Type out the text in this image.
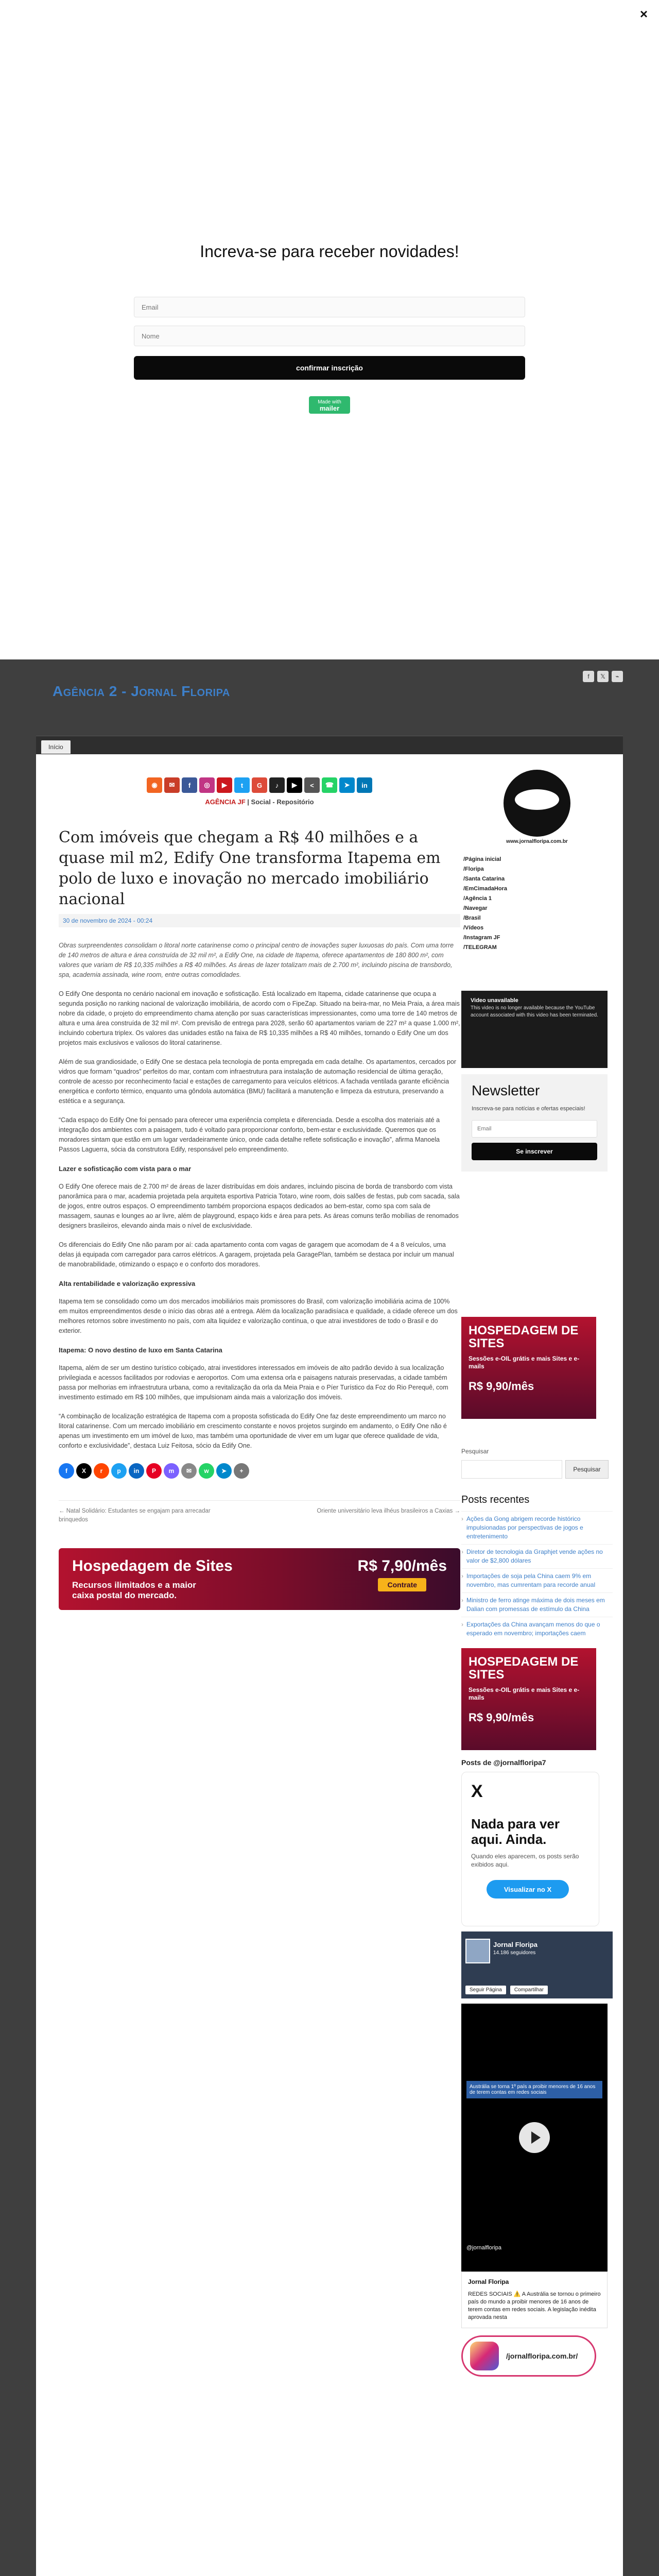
×
Increva-se para receber novidades!
Email
Nome
confirmar inscrição
Made with
mailer
Agência 2 - Jornal Floripa
f	𝕏	⌁
Início
◉	✉	f	◎	▶	t	G	♪	▶	<	☎	➤	in
AGÊNCIA JF | Social - Repositório
Com imóveis que chegam a R$ 40 milhões e a quase mil m2, Edify One transforma Itapema em polo de luxo e inovação no mercado imobiliário nacional
30 de novembro de 2024 - 00:24

Obras surpreendentes consolidam o litoral norte catarinense como o principal centro de inovações super luxuosas do país. Com uma torre de 140 metros de altura e área construída de 32 mil m², a Edify One, na cidade de Itapema, oferece apartamentos de 180 800 m², com valores que variam de R$ 10,335 milhões a R$ 40 milhões. As áreas de lazer totalizam mais de 2.700 m², incluindo piscina de transbordo, spa, academia assinada, wine room, entre outras comodidades.

O Edify One desponta no cenário nacional em inovação e sofisticação. Está localizado em Itapema, cidade catarinense que ocupa a segunda posição no ranking nacional de valorização imobiliária, de acordo com o FipeZap. Situado na beira-mar, no Meia Praia, a área mais nobre da cidade, o projeto do empreendimento chama atenção por suas características impressionantes, como uma torre de 140 metros de altura e uma área construída de 32 mil m². Com previsão de entrega para 2028, serão 60 apartamentos variam de 227 m² a quase 1.000 m², incluindo cobertura triplex. Os valores das unidades estão na faixa de R$ 10,335 milhões a R$ 40 milhões, tornando o Edify One um dos projetos mais exclusivos e valiosos do litoral catarinense.

Além de sua grandiosidade, o Edify One se destaca pela tecnologia de ponta empregada em cada detalhe. Os apartamentos, cercados por vidros que formam “quadros” perfeitos do mar, contam com infraestrutura para instalação de automação residencial de última geração, controle de acesso por reconhecimento facial e estações de carregamento para veículos elétricos. A fachada ventilada garante eficiência energética e conforto térmico, enquanto uma gôndola automática (BMU) facilitará a manutenção e limpeza da estrutura, preservando a estética e a segurança.

“Cada espaço do Edify One foi pensado para oferecer uma experiência completa e diferenciada. Desde a escolha dos materiais até a integração dos ambientes com a paisagem, tudo é voltado para proporcionar conforto, bem-estar e exclusividade. Queremos que os moradores sintam que estão em um lugar verdadeiramente único, onde cada detalhe reflete sofisticação e inovação”, afirma Manoela Passos Laguerra, sócia da construtora Edify, responsável pelo empreendimento.

Lazer e sofisticação com vista para o mar

O Edify One oferece mais de 2.700 m² de áreas de lazer distribuídas em dois andares, incluindo piscina de borda de transbordo com vista panorâmica para o mar, academia projetada pela arquiteta esportiva Patricia Totaro, wine room, dois salões de festas, pub com sacada, sala de jogos, entre outros espaços. O empreendimento também proporciona espaços dedicados ao bem-estar, como spa com sala de massagem, saunas e lounges ao ar livre, além de playground, espaço kids e área para pets. As áreas comuns terão mobílias de renomados designers brasileiros, elevando ainda mais o nível de exclusividade.

Os diferenciais do Edify One não param por aí: cada apartamento conta com vagas de garagem que acomodam de 4 a 8 veículos, uma delas já equipada com carregador para carros elétricos. A garagem, projetada pela GaragePlan, também se destaca por incluir um manual de manobrabilidade, otimizando o espaço e o conforto dos moradores.

Alta rentabilidade e valorização expressiva

Itapema tem se consolidado como um dos mercados imobiliários mais promissores do Brasil, com valorização imobiliária acima de 100% em muitos empreendimentos desde o início das obras até a entrega. Além da localização paradisíaca e qualidade, a cidade oferece um dos melhores retornos sobre investimento no país, com alta liquidez e valorização contínua, o que atrai investidores de todo o Brasil e do exterior.

Itapema: O novo destino de luxo em Santa Catarina

Itapema, além de ser um destino turístico cobiçado, atrai investidores interessados em imóveis de alto padrão devido à sua localização privilegiada e acessos facilitados por rodovias e aeroportos. Com uma extensa orla e paisagens naturais preservadas, a cidade também passa por melhorias em infraestrutura urbana, como a revitalização da orla da Meia Praia e o Píer Turístico da Foz do Rio Perequê, com investimento estimado em R$ 100 milhões, que impulsionam ainda mais a valorização dos imóveis.

“A combinação de localização estratégica de Itapema com a proposta sofisticada do Edify One faz deste empreendimento um marco no litoral catarinense. Com um mercado imobiliário em crescimento constante e novos projetos surgindo em andamento, o Edify One não é apenas um investimento em um imóvel de luxo, mas também uma oportunidade de viver em um lugar que oferece qualidade de vida, conforto e exclusividade”, destaca Luiz Feitosa, sócio da Edify One.

f	X	r	p	in	P	m	✉	w	➤	+
← Natal Solidário: Estudantes se engajam para arrecadar brinquedos
Oriente universitário leva ilhéus brasileiros a Caxias →
Hospedagem de Sites
Recursos ilimitados e a maior
caixa postal do mercado.
R$ 7,90/mês
Contrate
www.jornalfloripa.com.br
/Página inicial
/Floripa
/Santa Catarina
/EmCimadaHora
/Agência 1
/Navegar
/Brasil
/Vídeos
/Instagram JF
/TELEGRAM
Video unavailable
This video is no longer available because the YouTube account associated with this video has been terminated.
Newsletter

Inscreva-se para notícias e ofertas especiais!

Email Se inscrever
HOSPEDAGEM DE SITES
Sessões e-OIL grátis e mais Sites e e-mails
R$ 9,90/mês
Pesquisar
Pesquisar
Posts recentes
› Ações da Gong abrigem recorde histórico impulsionadas por perspectivas de jogos e entretenimento
› Diretor de tecnologia da Graphjet vende ações no valor de $2,800 dólares
› Importações de soja pela China caem 9% em novembro, mas cumrentam para recorde anual
› Ministro de ferro atinge máxima de dois meses em Dalian com promessas de estímulo da China
› Exportações da China avançam menos do que o esperado em novembro; importações caem
HOSPEDAGEM DE SITES
Sessões e-OIL grátis e mais Sites e e-mails
R$ 9,90/mês
Posts de @jornalfloripa7
X
Nada para ver aqui. Ainda.
Quando eles aparecem, os posts serão exibidos aqui.
Visualizar no X
Jornal Floripa
14.186 seguidores
Seguir Página	Compartilhar
Austrália se torna 1º país a proibir menores de 16 anos de terem contas em redes sociais
@jornalfloripa
Jornal Floripa
REDES SOCIAIS ⚠️ A Austrália se tornou o primeiro país do mundo a proibir menores de 16 anos de terem contas em redes sociais. A legislação inédita aprovada nesta
/jornalfloripa.com.br/
